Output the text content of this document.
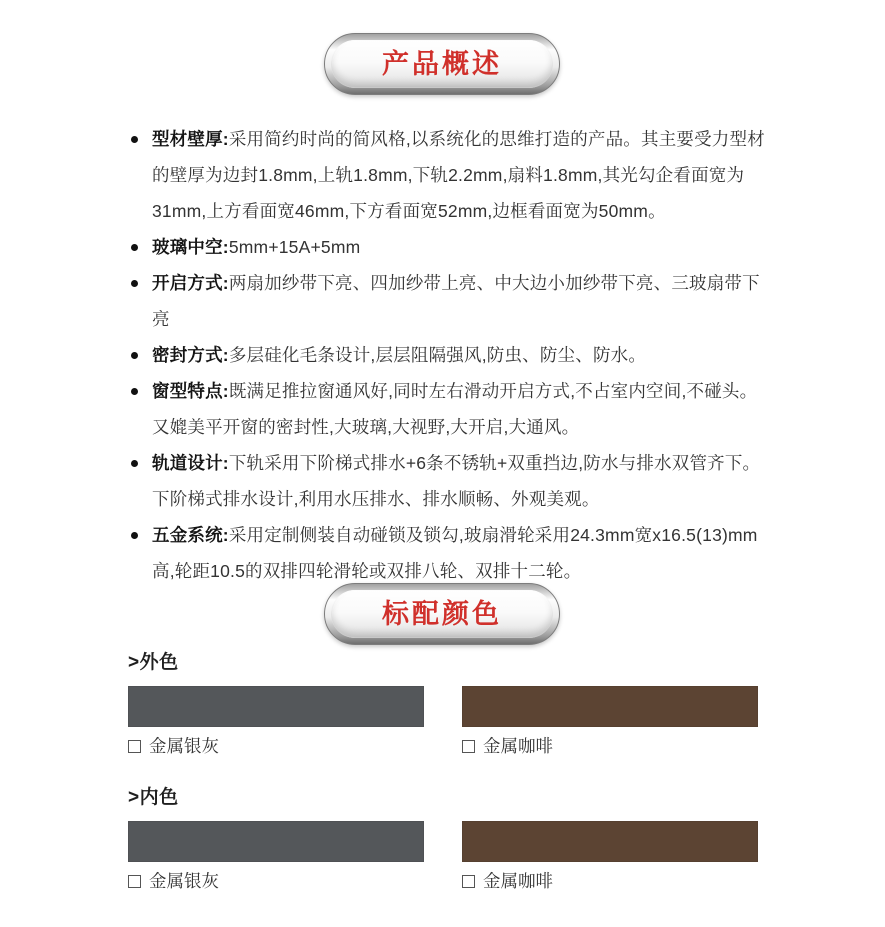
产品概述
型材壁厚:采用简约时尚的简风格,以系统化的思维打造的产品。其主要受力型材的壁厚为边封1.8mm,上轨1.8mm,下轨2.2mm,扇料1.8mm,其光勾企看面宽为31mm,上方看面宽46mm,下方看面宽52mm,边框看面宽为50mm。
玻璃中空:5mm+15A+5mm
开启方式:两扇加纱带下亮、四加纱带上亮、中大边小加纱带下亮、三玻扇带下亮
密封方式:多层硅化毛条设计,层层阻隔强风,防虫、防尘、防水。
窗型特点:既满足推拉窗通风好,同时左右滑动开启方式,不占室内空间,不碰头。又媲美平开窗的密封性,大玻璃,大视野,大开启,大通风。
轨道设计:下轨采用下阶梯式排水+6条不锈轨+双重挡边,防水与排水双管齐下。下阶梯式排水设计,利用水压排水、排水顺畅、外观美观。
五金系统:采用定制侧装自动碰锁及锁勾,玻扇滑轮采用24.3mm宽x16.5(13)mm高,轮距10.5的双排四轮滑轮或双排八轮、双排十二轮。
标配颜色
>外色
金属银灰	金属咖啡
>内色
金属银灰	金属咖啡
